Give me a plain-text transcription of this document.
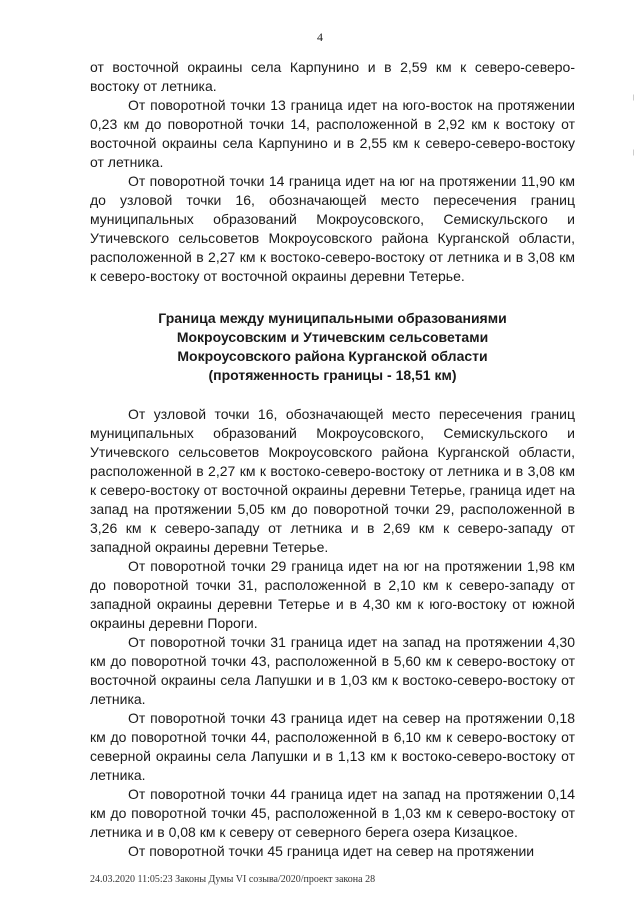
4

от восточной окраины села Карпунино и в 2,59 км к северо-северо-востоку от летника.

От поворотной точки 13 граница идет на юго-восток на протяжении 0,23 км до поворотной точки 14, расположенной в 2,92 км к востоку от восточной окраины села Карпунино и в 2,55 км к северо-северо-востоку от летника.

От поворотной точки 14 граница идет на юг на протяжении 11,90 км до узловой точки 16, обозначающей место пересечения границ муниципальных образований Мокроусовского, Семискульского и Утичевского сельсоветов Мокроусовского района Курганской области, расположенной в 2,27 км к востоко-северо-востоку от летника и в 3,08 км к северо-востоку от восточной окраины деревни Тетерье.

Граница между муниципальными образованиями
Мокроусовским и Утичевским сельсоветами
Мокроусовского района Курганской области
(протяженность границы - 18,51 км)

От узловой точки 16, обозначающей место пересечения границ муниципальных образований Мокроусовского, Семискульского и Утичевского сельсоветов Мокроусовского района Курганской области, расположенной в 2,27 км к востоко-северо-востоку от летника и в 3,08 км к северо-востоку от восточной окраины деревни Тетерье, граница идет на запад на протяжении 5,05 км до поворотной точки 29, расположенной в 3,26 км к северо-западу от летника и в 2,69 км к северо-западу от западной окраины деревни Тетерье.

От поворотной точки 29 граница идет на юг на протяжении 1,98 км до поворотной точки 31, расположенной в 2,10 км к северо-западу от западной окраины деревни Тетерье и в 4,30 км к юго-востоку от южной окраины деревни Пороги.

От поворотной точки 31 граница идет на запад на протяжении 4,30 км до поворотной точки 43, расположенной в 5,60 км к северо-востоку от восточной окраины села Лапушки и в 1,03 км к востоко-северо-востоку от летника.

От поворотной точки 43 граница идет на север на протяжении 0,18 км до поворотной точки 44, расположенной в 6,10 км к северо-востоку от северной окраины села Лапушки и в 1,13 км к востоко-северо-востоку от летника.

От поворотной точки 44 граница идет на запад на протяжении 0,14 км до поворотной точки 45, расположенной в 1,03 км к северо-востоку от летника и в 0,08 км к северу от северного берега озера Кизацкое.

От поворотной точки 45 граница идет на север на протяжении

24.03.2020 11:05:23 Законы Думы VI созыва/2020/проект закона 28
|
|
